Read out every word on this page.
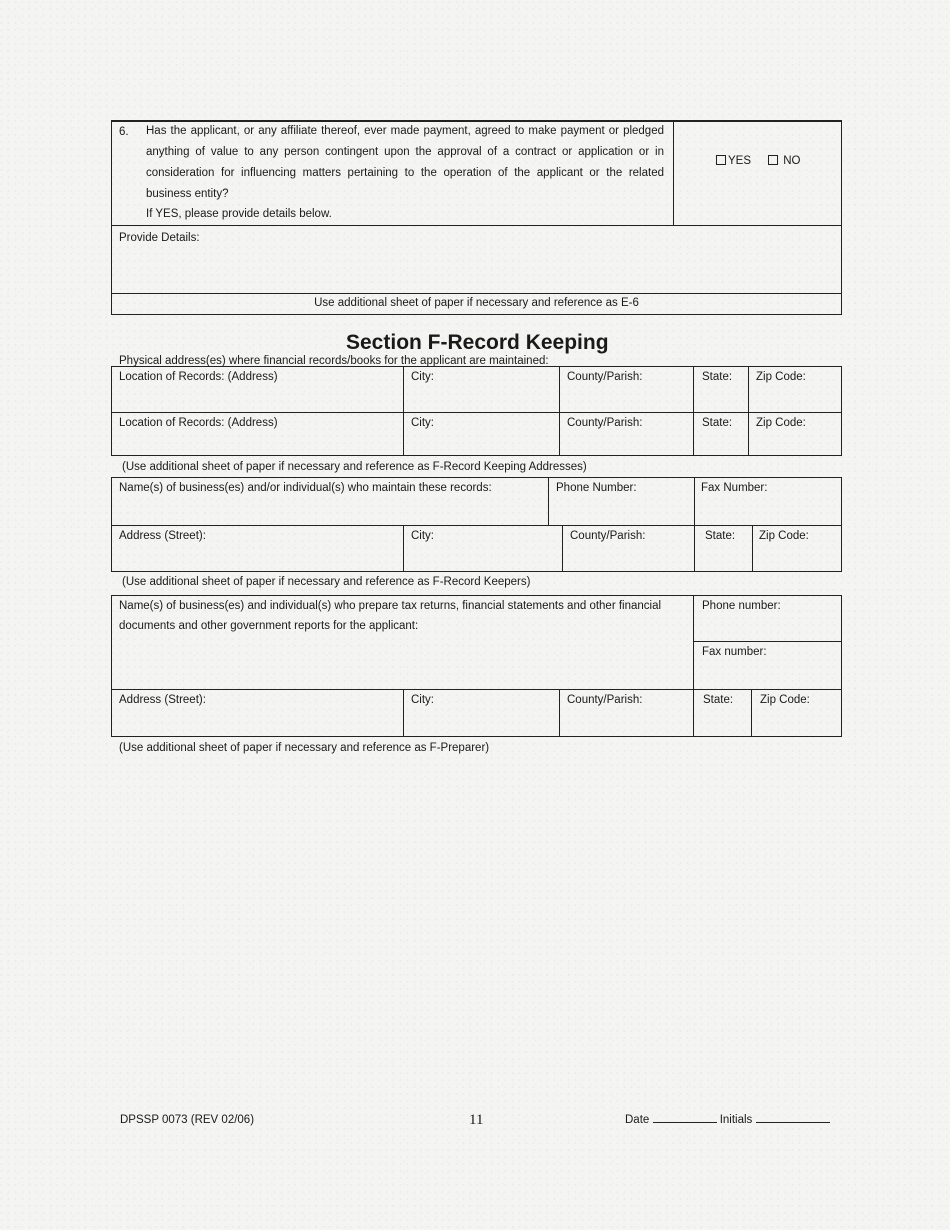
6. Has the applicant, or any affiliate thereof, ever made payment, agreed to make payment or pledged anything of value to any person contingent upon the approval of a contract or application or in consideration for influencing matters pertaining to the operation of the applicant or the related business entity?
If YES, please provide details below.
YES	NO
Provide Details:
Use additional sheet of paper if necessary and reference as E-6
Section F-Record Keeping
Physical address(es) where financial records/books for the applicant are maintained:
Location of Records: (Address)	City:	County/Parish:	State: Zip Code:
Location of Records: (Address)	City:	County/Parish:	State: Zip Code:
(Use additional sheet of paper if necessary and reference as F-Record Keeping Addresses)
Name(s) of business(es) and/or individual(s) who maintain these records:	Phone Number:	Fax Number:
Address (Street):	City:	County/Parish:	State: Zip Code:
(Use additional sheet of paper if necessary and reference as F-Record Keepers)
Name(s) of business(es) and individual(s) who prepare tax returns, financial statements and other financial
documents and other government reports for the applicant:
Phone number:
Fax number:
Address (Street):	City:	County/Parish:	State: Zip Code:
(Use additional sheet of paper if necessary and reference as F-Preparer)
DPSSP 0073 (REV 02/06)	11	Date	Initials
